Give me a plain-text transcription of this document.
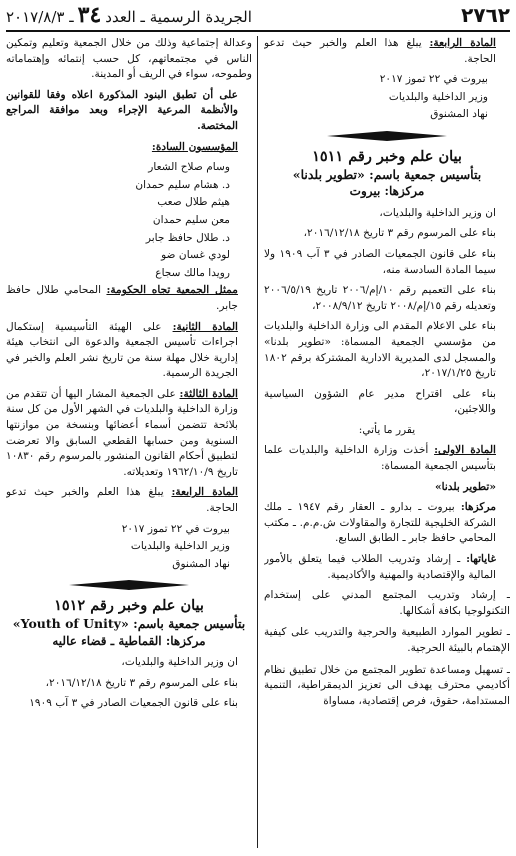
٢٧٦٢
الجريدة الرسمية ـ العدد٣٤ـ ٢٠١٧/٨/٣

المادة الرابعة: يبلغ هذا العلم والخبر حيث تدعو الحاجة.

بيروت في ٢٢ تموز ٢٠١٧

وزير الداخلية والبلديات

نهاد المشنوق

بيان علم وخبر رقم ١٥١١
بتأسيس جمعية باسم: «تطوير بلدنا»
مركزها: بيروت

ان وزير الداخلية والبلديات،

بناء على المرسوم رقم ٣ تاريخ ٢٠١٦/١٢/١٨،

بناء على قانون الجمعيات الصادر في ٣ آب ١٩٠٩ ولا سيما المادة السادسة منه،

بناء على التعميم رقم ١٠/إم/٢٠٠٦ تاريخ ٢٠٠٦/٥/١٩ وتعديله رقم ١٥/إم/٢٠٠٨ تاريخ ٢٠٠٨/٩/١٢،

بناء على الاعلام المقدم الى وزارة الداخلية والبلديات من مؤسسي الجمعية المسماة: «تطوير بلدنا» والمسجل لدى المديرية الادارية المشتركة برقم ١٨٠٢ تاريخ ٢٠١٧/١/٢٥،

بناء على اقتراح مدير عام الشؤون السياسية واللاجئين،

يقرر ما يأتي:

المادة الاولى: أخذت وزارة الداخلية والبلديات علما بتأسيس الجمعية المسماة:

«تطوير بلدنا»

مركزها: بيروت ـ بدارو ـ العقار رقم ١٩٤٧ ـ ملك الشركة الخليجية للتجارة والمقاولات ش.م.م. ـ مكتب المحامي حافظ جابر ـ الطابق السابع.

غاياتها: ـ إرشاد وتدريب الطلاب فيما يتعلق بالأمور المالية والإقتصادية والمهنية والأكاديمية.

ـ إرشاد وتدريب المجتمع المدني على إستخدام التكنولوجيا بكافة أشكالها.

ـ تطوير الموارد الطبيعية والحرجية والتدريب على كيفية الإهتمام بالبيئة الحرجية.

ـ تسهيل ومساعدة تطوير المجتمع من خلال تطبيق نظام أكاديمي محترف يهدف الى تعزيز الديمقراطية، التنمية المستدامة، حقوق، فرص إقتصادية، مساواة

وعدالة إجتماعية وذلك من خلال الجمعية وتعليم وتمكين الناس في مجتمعاتهم، كل حسب إنتمائه وإهتماماته وطموحه، سواء في الريف أو المدينة.

على أن تطبق البنود المذكورة اعلاه وفقا للقوانين والأنظمة المرعية الإجراء وبعد موافقة المراجع المختصة.

المؤسسون السادة:

وسام صلاح الشعار

د. هشام سليم حمدان

هيثم طلال صعب

معن سليم حمدان

د. طلال حافظ جابر

لودي غسان ضو

رويدا مالك سجاع

ممثل الجمعية تجاه الحكومة: المحامي طلال حافظ جابر.

المادة الثانية: على الهيئة التأسيسية إستكمال اجراءات تأسيس الجمعية والدعوة الى انتخاب هيئة إدارية خلال مهلة سنة من تاريخ نشر العلم والخبر في الجريدة الرسمية.

المادة الثالثة: على الجمعية المشار اليها أن تتقدم من وزارة الداخلية والبلديات في الشهر الأول من كل سنة بلائحة تتضمن أسماء أعضائها وبنسخة من موازنتها السنوية ومن حسابها القطعي السابق والا تعرضت لتطبيق أحكام القانون المنشور بالمرسوم رقم ١٠٨٣٠ تاريخ ١٩٦٢/١٠/٩ وتعديلاته.

المادة الرابعة: يبلغ هذا العلم والخبر حيث تدعو الحاجة.

بيروت في ٢٢ تموز ٢٠١٧

وزير الداخلية والبلديات

نهاد المشنوق

بيان علم وخبر رقم ١٥١٢
بتأسيس جمعية باسم: «Youth of Unity»
مركزها: القماطية ـ قضاء عاليه

ان وزير الداخلية والبلديات،

بناء على المرسوم رقم ٣ تاريخ ٢٠١٦/١٢/١٨،

بناء على قانون الجمعيات الصادر في ٣ آب ١٩٠٩
